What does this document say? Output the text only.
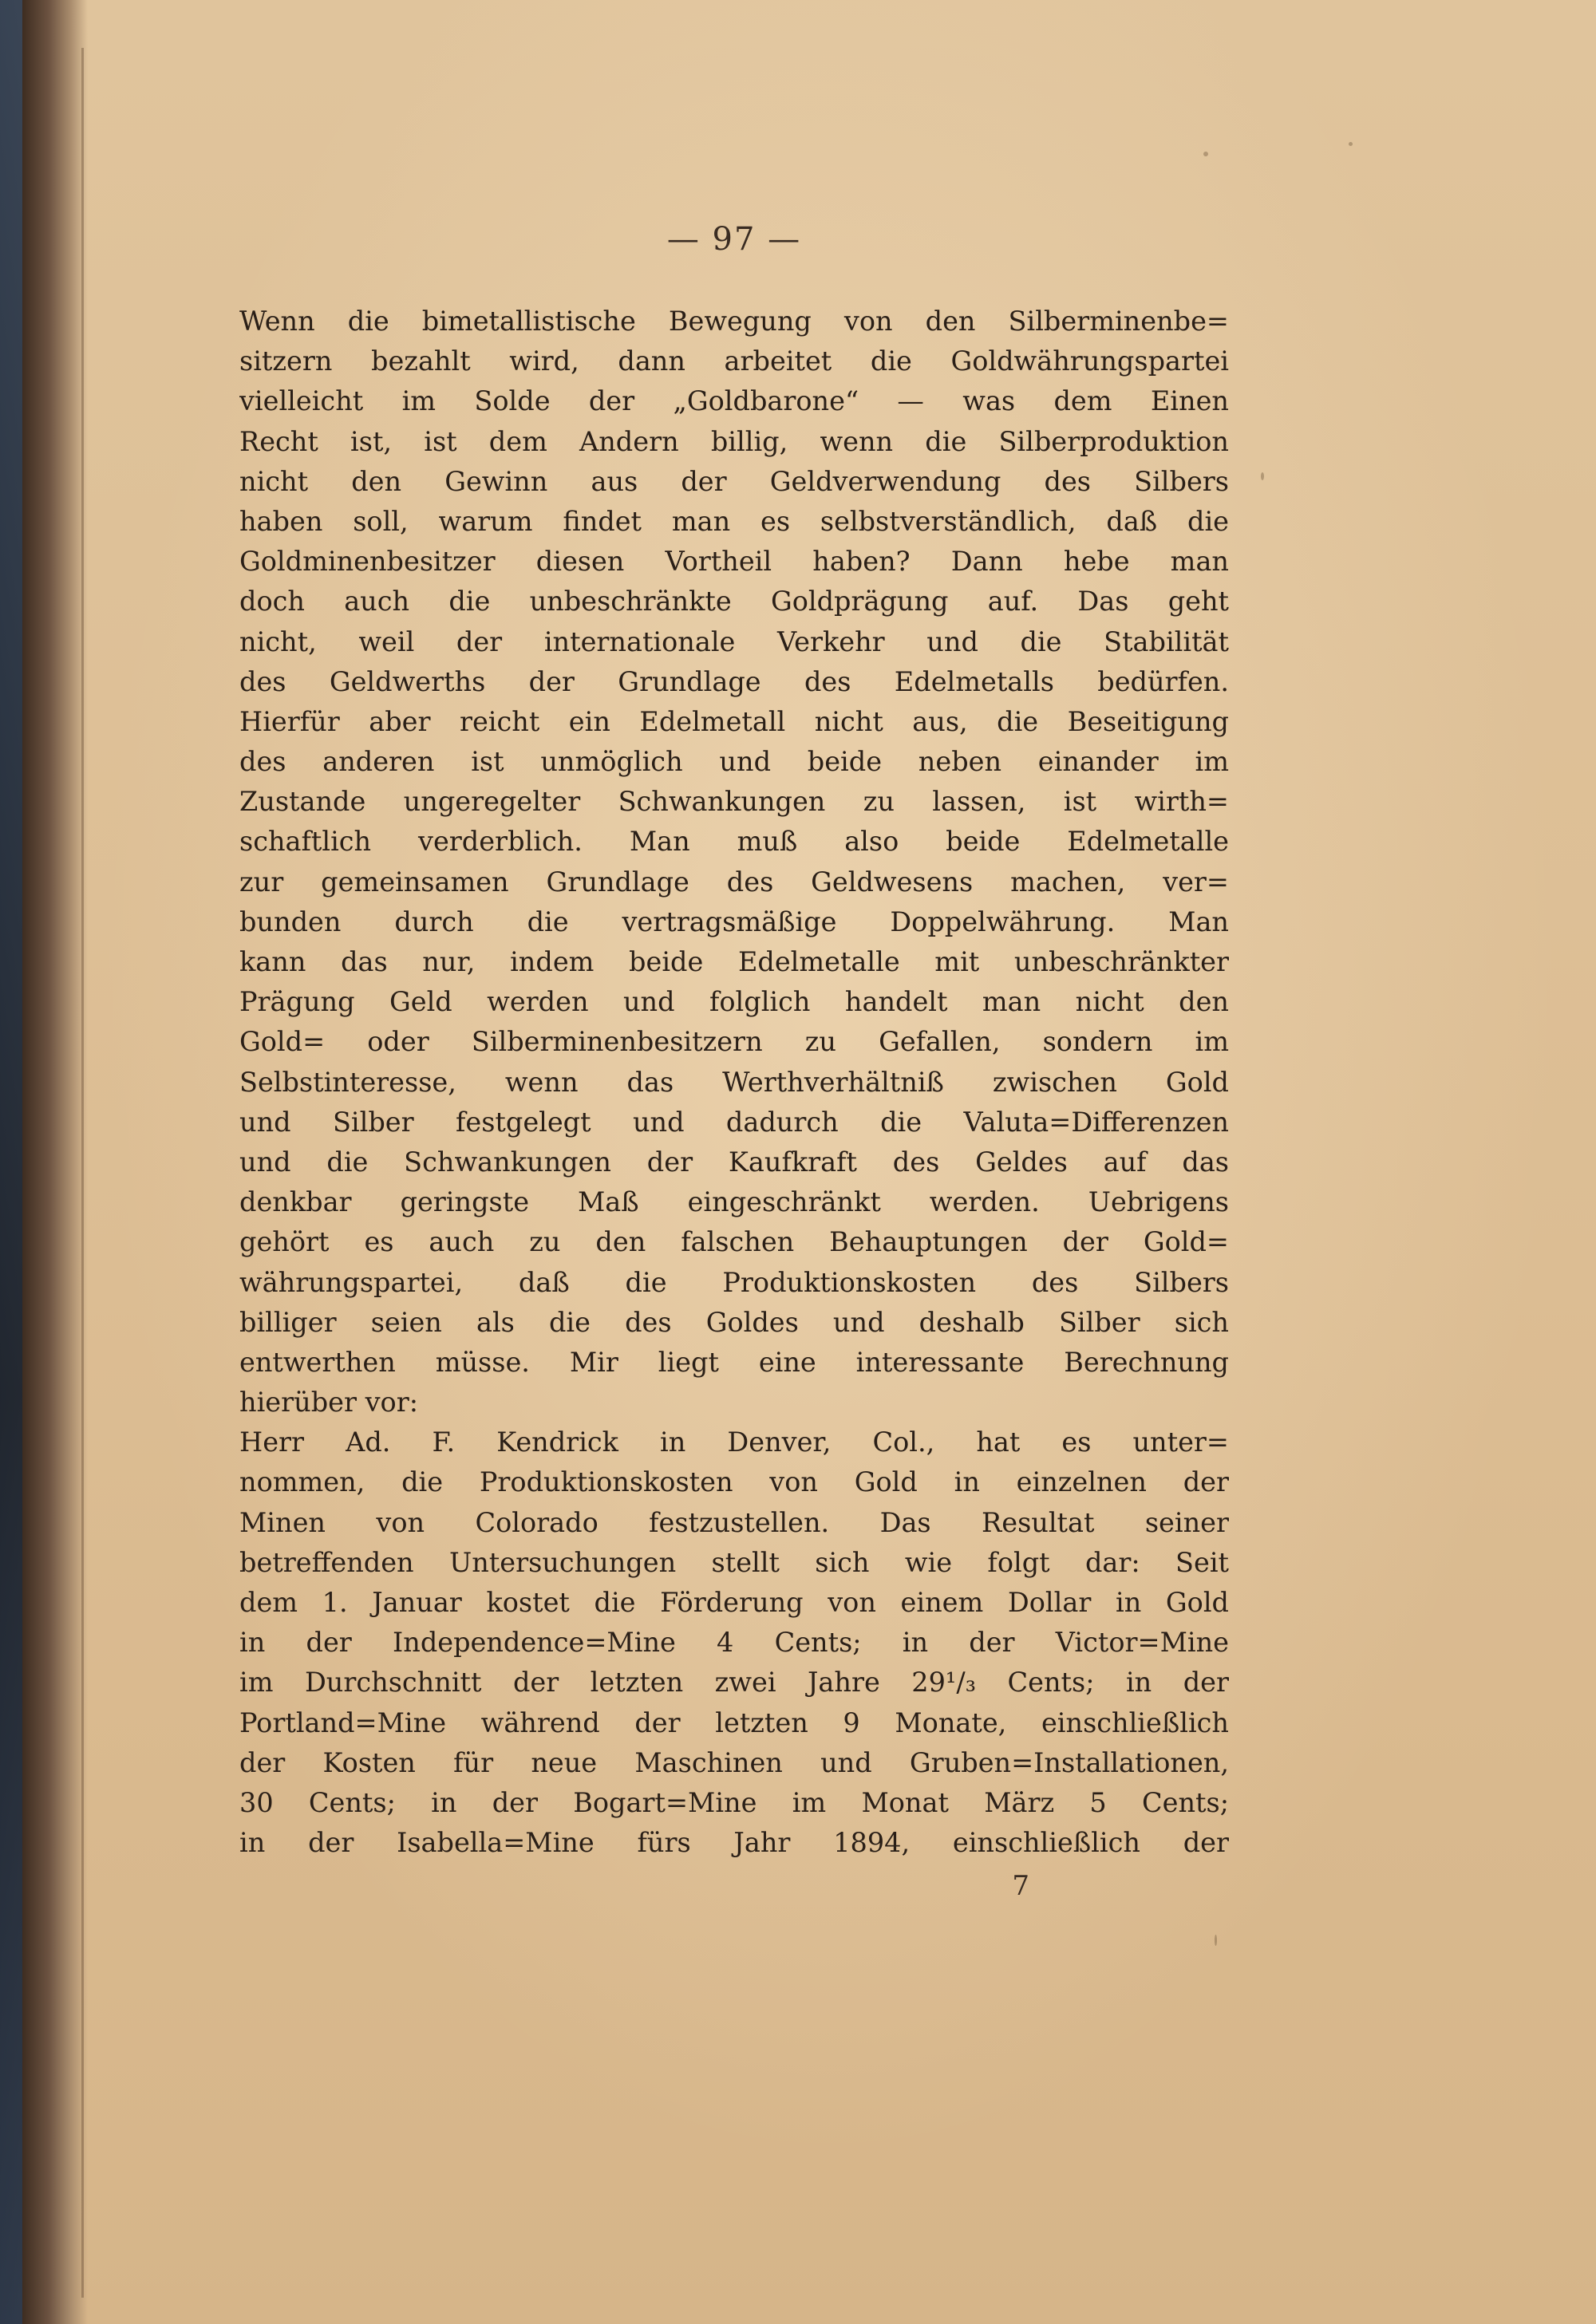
— 97 —
Wenn die bimetallistische Bewegung von den Silberminenbe=
sitzern bezahlt wird, dann arbeitet die Goldwährungspartei
vielleicht im Solde der „Goldbarone“ — was dem Einen
Recht ist, ist dem Andern billig, wenn die Silberproduktion
nicht den Gewinn aus der Geldverwendung des Silbers
haben soll, warum findet man es selbstverständlich, daß die
Goldminenbesitzer diesen Vortheil haben? Dann hebe man
doch auch die unbeschränkte Goldprägung auf. Das geht
nicht, weil der internationale Verkehr und die Stabilität
des Geldwerths der Grundlage des Edelmetalls bedürfen.
Hierfür aber reicht ein Edelmetall nicht aus, die Beseitigung
des anderen ist unmöglich und beide neben einander im
Zustande ungeregelter Schwankungen zu lassen, ist wirth=
schaftlich verderblich. Man muß also beide Edelmetalle
zur gemeinsamen Grundlage des Geldwesens machen, ver=
bunden durch die vertragsmäßige Doppelwährung. Man
kann das nur, indem beide Edelmetalle mit unbeschränkter
Prägung Geld werden und folglich handelt man nicht den
Gold= oder Silberminenbesitzern zu Gefallen, sondern im
Selbstinteresse, wenn das Werthverhältniß zwischen Gold
und Silber festgelegt und dadurch die Valuta=Differenzen
und die Schwankungen der Kaufkraft des Geldes auf das
denkbar geringste Maß eingeschränkt werden. Uebrigens
gehört es auch zu den falschen Behauptungen der Gold=
währungspartei, daß die Produktionskosten des Silbers
billiger seien als die des Goldes und deshalb Silber sich
entwerthen müsse. Mir liegt eine interessante Berechnung
hierüber vor:
Herr Ad. F. Kendrick in Denver, Col., hat es unter=
nommen, die Produktionskosten von Gold in einzelnen der
Minen von Colorado festzustellen. Das Resultat seiner
betreffenden Untersuchungen stellt sich wie folgt dar: Seit
dem 1. Januar kostet die Förderung von einem Dollar in Gold
in der Independence=Mine 4 Cents; in der Victor=Mine
im Durchschnitt der letzten zwei Jahre 29¹/₃ Cents; in der
Portland=Mine während der letzten 9 Monate, einschließlich
der Kosten für neue Maschinen und Gruben=Installationen,
30 Cents; in der Bogart=Mine im Monat März 5 Cents;
in der Isabella=Mine fürs Jahr 1894, einschließlich der
7
